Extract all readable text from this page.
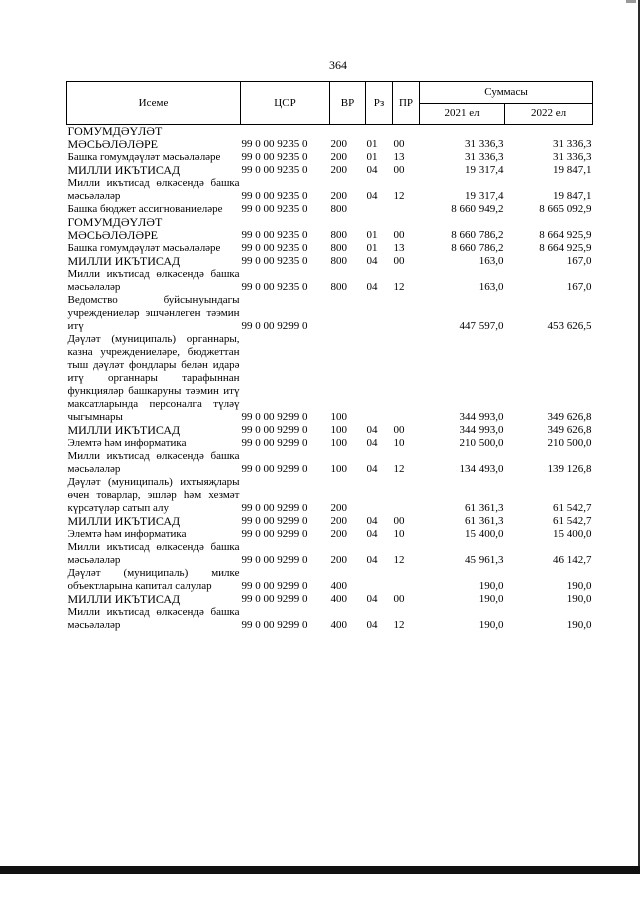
364
Исеме	ЦСР	ВР	Рз	ПР	Суммасы	
					2021 ел	2022 ел
ГОМУМДӘҮЛӘТ МӘСЬӘЛӘЛӘРЕ	99 0 00 9235 0	200	01	00	31 336,3	31 336,3
Башка гомумдәүләт мәсьәләләре	99 0 00 9235 0	200	01	13	31 336,3	31 336,3
МИЛЛИ ИКЪТИСАД	99 0 00 9235 0	200	04	00	19 317,4	19 847,1
Милли икътисад өлкәсендә башка мәсьәләләр	99 0 00 9235 0	200	04	12	19 317,4	19 847,1
Башка бюджет ассигнованиеләре	99 0 00 9235 0	800			8 660 949,2	8 665 092,9
ГОМУМДӘҮЛӘТ МӘСЬӘЛӘЛӘРЕ	99 0 00 9235 0	800	01	00	8 660 786,2	8 664 925,9
Башка гомумдәүләт мәсьәләләре	99 0 00 9235 0	800	01	13	8 660 786,2	8 664 925,9
МИЛЛИ ИКЪТИСАД	99 0 00 9235 0	800	04	00	163,0	167,0
Милли икътисад өлкәсендә башка мәсьәләләр	99 0 00 9235 0	800	04	12	163,0	167,0
Ведомство буйсынуындагы учреждениеләр эшчәнлеген тәэмин итү	99 0 00 9299 0				447 597,0	453 626,5
Дәүләт (муниципаль) органнары, казна учреждениеләре, бюджеттан тыш дәүләт фондлары белән идарә итү органнары тарафыннан функцияләр башкаруны тәэмин итү максатларында персоналга түләү чыгымнары	99 0 00 9299 0	100			344 993,0	349 626,8
МИЛЛИ ИКЪТИСАД	99 0 00 9299 0	100	04	00	344 993,0	349 626,8
Элемтә һәм информатика	99 0 00 9299 0	100	04	10	210 500,0	210 500,0
Милли икътисад өлкәсендә башка мәсьәләләр	99 0 00 9299 0	100	04	12	134 493,0	139 126,8
Дәүләт (муниципаль) ихтыяҗлары өчен товарлар, эшләр һәм хезмәт күрсәтүләр сатып алу	99 0 00 9299 0	200			61 361,3	61 542,7
МИЛЛИ ИКЪТИСАД	99 0 00 9299 0	200	04	00	61 361,3	61 542,7
Элемтә һәм информатика	99 0 00 9299 0	200	04	10	15 400,0	15 400,0
Милли икътисад өлкәсендә башка мәсьәләләр	99 0 00 9299 0	200	04	12	45 961,3	46 142,7
Дәүләт (муниципаль) милке объектларына капитал салулар	99 0 00 9299 0	400			190,0	190,0
МИЛЛИ ИКЪТИСАД	99 0 00 9299 0	400	04	00	190,0	190,0
Милли икътисад өлкәсендә башка мәсьәләләр	99 0 00 9299 0	400	04	12	190,0	190,0
